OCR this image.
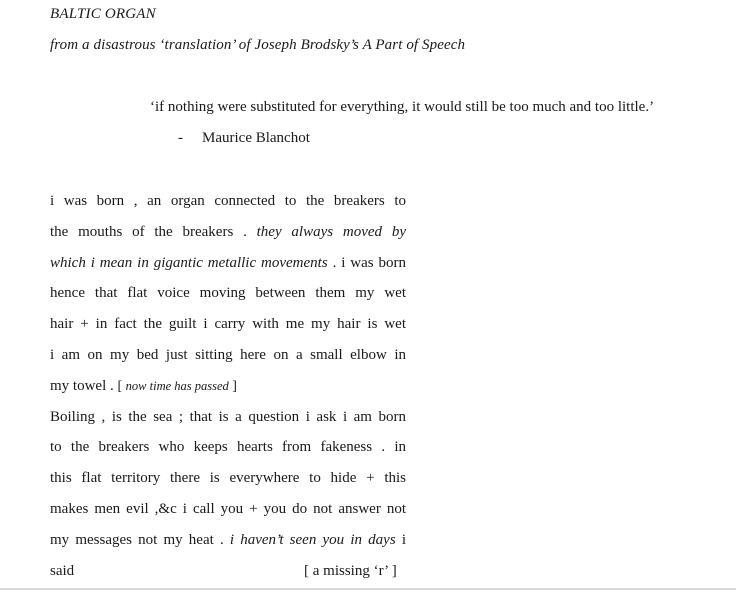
BALTIC ORGAN
from a disastrous ‘translation’ of Joseph Brodsky’s A Part of Speech
‘if nothing were substituted for everything, it would still be too much and too little.’
- Maurice Blanchot
i was born , an organ connected to the breakers to
the mouths of the breakers . they always moved by
which i mean in gigantic metallic movements . i was born
hence that flat voice moving between them my wet
hair + in fact the guilt i carry with me my hair is wet
i am on my bed just sitting here on a small elbow in
my towel . [ now time has passed ]
Boiling , is the sea ; that is a question i ask i am born
to the breakers who keeps hearts from fakeness . in
this flat territory there is everywhere to hide + this
makes men evil ,&c i call you + you do not answer not
my messages not my heat . i haven’t seen you in days i
said	[ a missing ‘r’ ]
